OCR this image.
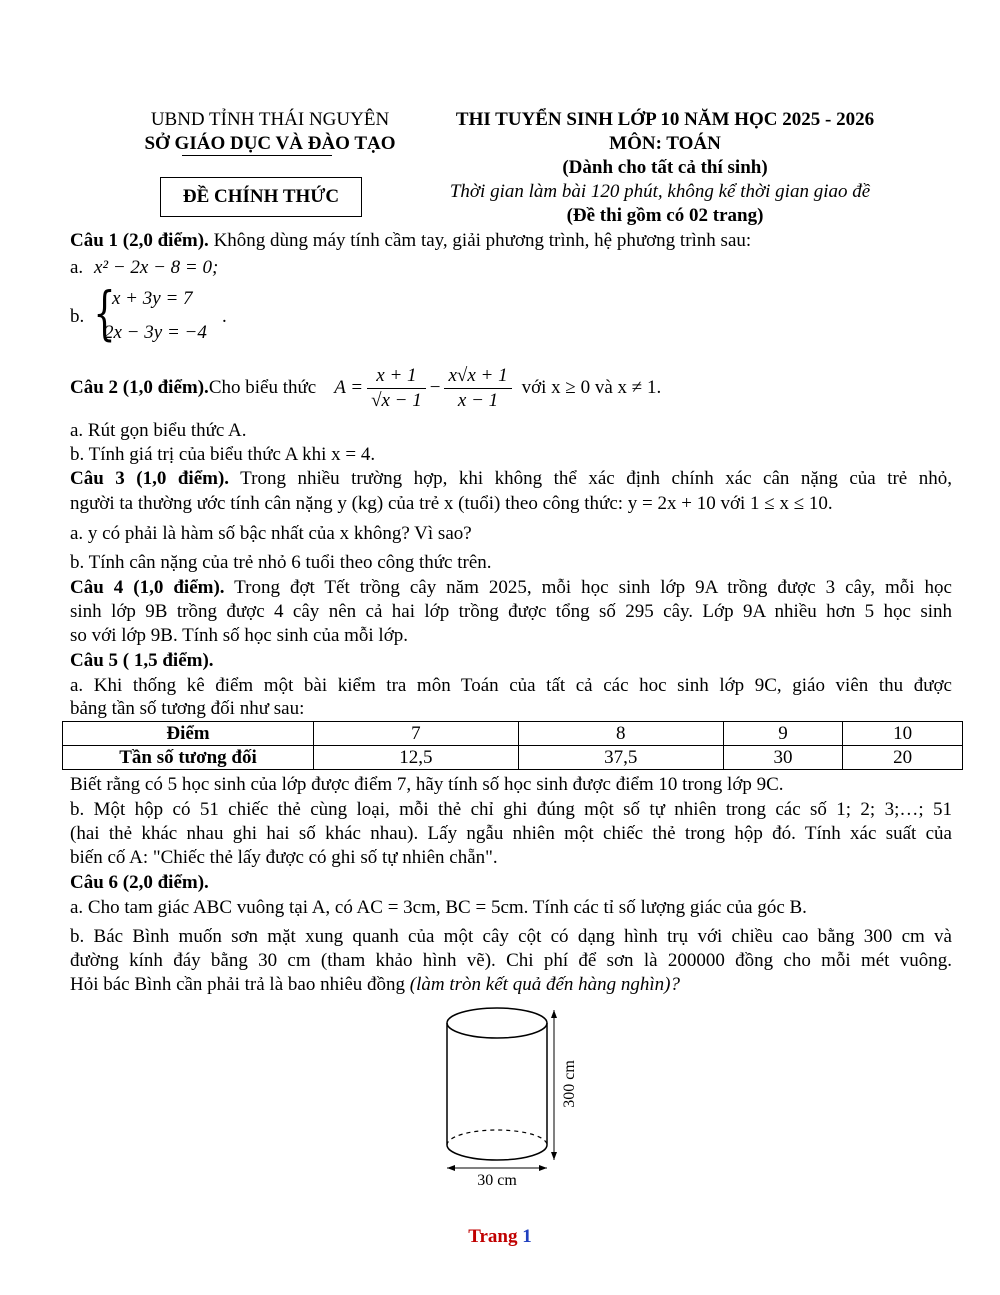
UBND TỈNH THÁI NGUYÊN
SỞ GIÁO DỤC VÀ ĐÀO TẠO
ĐỀ CHÍNH THỨC
THI TUYỂN SINH LỚP 10 NĂM HỌC 2025 - 2026
MÔN: TOÁN
(Dành cho tất cả thí sinh)
Thời gian làm bài 120 phút, không kể thời gian giao đề
(Đề thi gồm có 02 trang)
Câu 1 (2,0 điểm). Không dùng máy tính cầm tay, giải phương trình, hệ phương trình sau:
a. x² − 2x − 8 = 0;
b. {
x + 3y = 7
2x − 3y = −4
.
Câu 2 (1,0 điểm). Cho biểu thức $A = \frac{x + 1}{√x - 1} - \frac{x√x + 1}{x - 1}$ với x ≥ 0 và x ≠ 1.
a. Rút gọn biểu thức A.
b. Tính giá trị của biểu thức A khi x = 4.
Câu 3 (1,0 điểm). Trong nhiều trường hợp, khi không thể xác định chính xác cân nặng của trẻ nhỏ,
người ta thường ước tính cân nặng y (kg) của trẻ x (tuổi) theo công thức: y = 2x + 10 với 1 ≤ x ≤ 10.
a. y có phải là hàm số bậc nhất của x không? Vì sao?
b. Tính cân nặng của trẻ nhỏ 6 tuổi theo công thức trên.
Câu 4 (1,0 điểm). Trong đợt Tết trồng cây năm 2025, mỗi học sinh lớp 9A trồng được 3 cây, mỗi học
sinh lớp 9B trồng được 4 cây nên cả hai lớp trồng được tổng số 295 cây. Lớp 9A nhiều hơn 5 học sinh
so với lớp 9B. Tính số học sinh của mỗi lớp.
Câu 5 ( 1,5 điểm).
a. Khi thống kê điểm một bài kiểm tra môn Toán của tất cả các hoc sinh lớp 9C, giáo viên thu được
bảng tần số tương đối như sau:
Điểm	7	8	9	10
Tần số tương đối	12,5	37,5	30	20
Biết rằng có 5 học sinh của lớp được điểm 7, hãy tính số học sinh được điểm 10 trong lớp 9C.
b. Một hộp có 51 chiếc thẻ cùng loại, mỗi thẻ chỉ ghi đúng một số tự nhiên trong các số 1; 2; 3;…; 51
(hai thẻ khác nhau ghi hai số khác nhau). Lấy ngẫu nhiên một chiếc thẻ trong hộp đó. Tính xác suất của
biến cố A: "Chiếc thẻ lấy được có ghi số tự nhiên chẵn".
Câu 6 (2,0 điểm).
a. Cho tam giác ABC vuông tại A, có AC = 3cm, BC = 5cm. Tính các tỉ số lượng giác của góc B.
b. Bác Bình muốn sơn mặt xung quanh của một cây cột có dạng hình trụ với chiều cao bằng 300 cm và
đường kính đáy bằng 30 cm (tham khảo hình vẽ). Chi phí để sơn là 200000 đồng cho mỗi mét vuông.
Hỏi bác Bình cần phải trả là bao nhiêu đồng (làm tròn kết quả đến hàng nghìn)?
300 cm
30 cm
Trang 1
